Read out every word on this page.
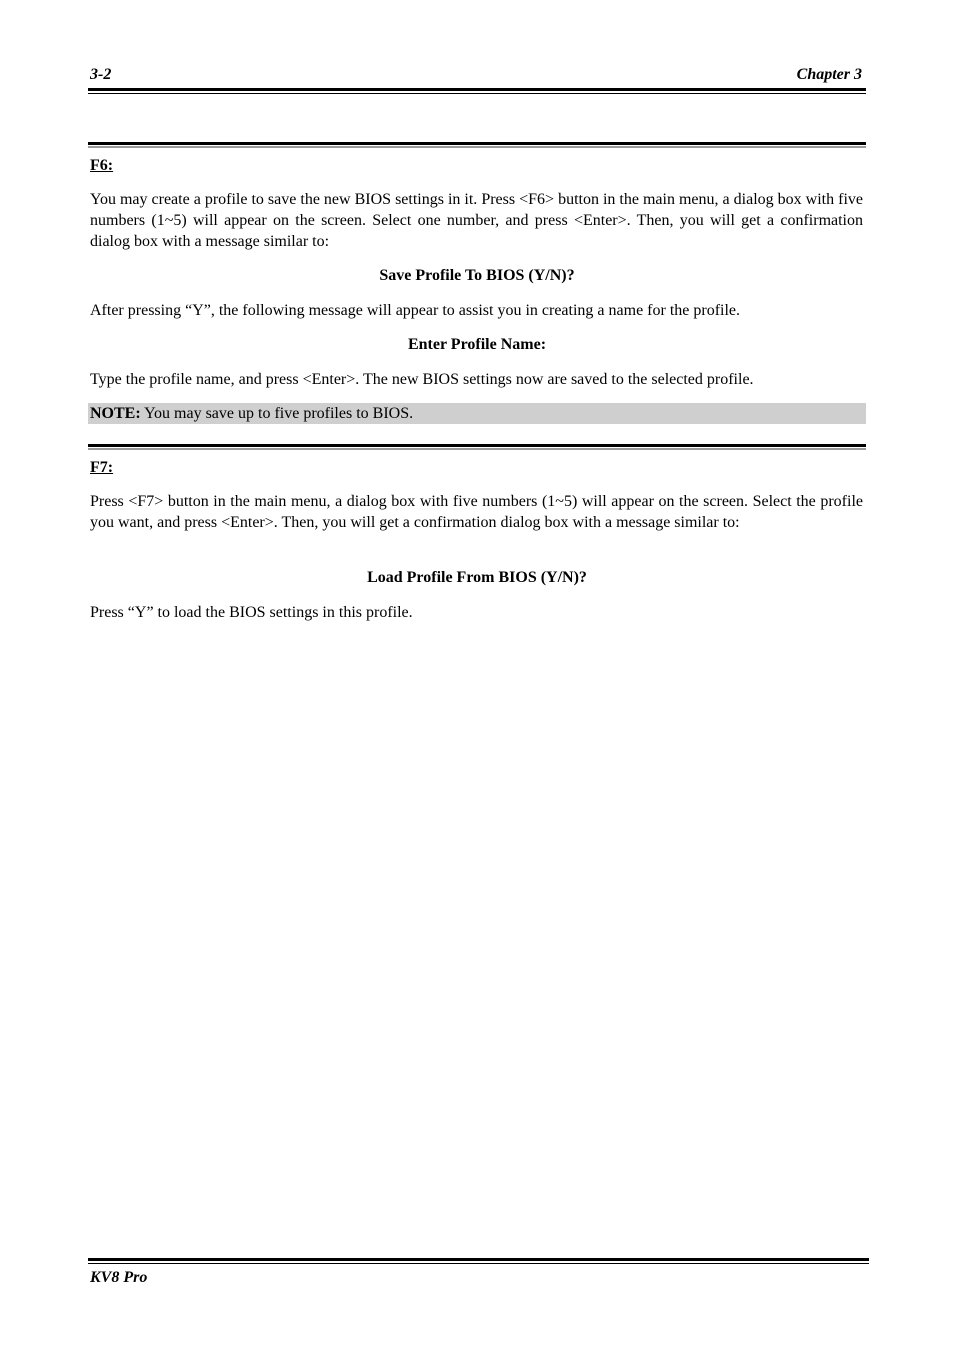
3-2	Chapter 3
F6:
You may create a profile to save the new BIOS settings in it. Press <F6> button in the main menu, a dialog box with five numbers (1~5) will appear on the screen. Select one number, and press <Enter>. Then, you will get a confirmation dialog box with a message similar to:
Save Profile To BIOS (Y/N)?
After pressing “Y”, the following message will appear to assist you in creating a name for the profile.
Enter Profile Name:
Type the profile name, and press <Enter>. The new BIOS settings now are saved to the selected profile.
NOTE: You may save up to five profiles to BIOS.
F7:
Press <F7> button in the main menu, a dialog box with five numbers (1~5) will appear on the screen. Select the profile you want, and press <Enter>. Then, you will get a confirmation dialog box with a message similar to:
Load Profile From BIOS (Y/N)?
Press “Y” to load the BIOS settings in this profile.
KV8 Pro
